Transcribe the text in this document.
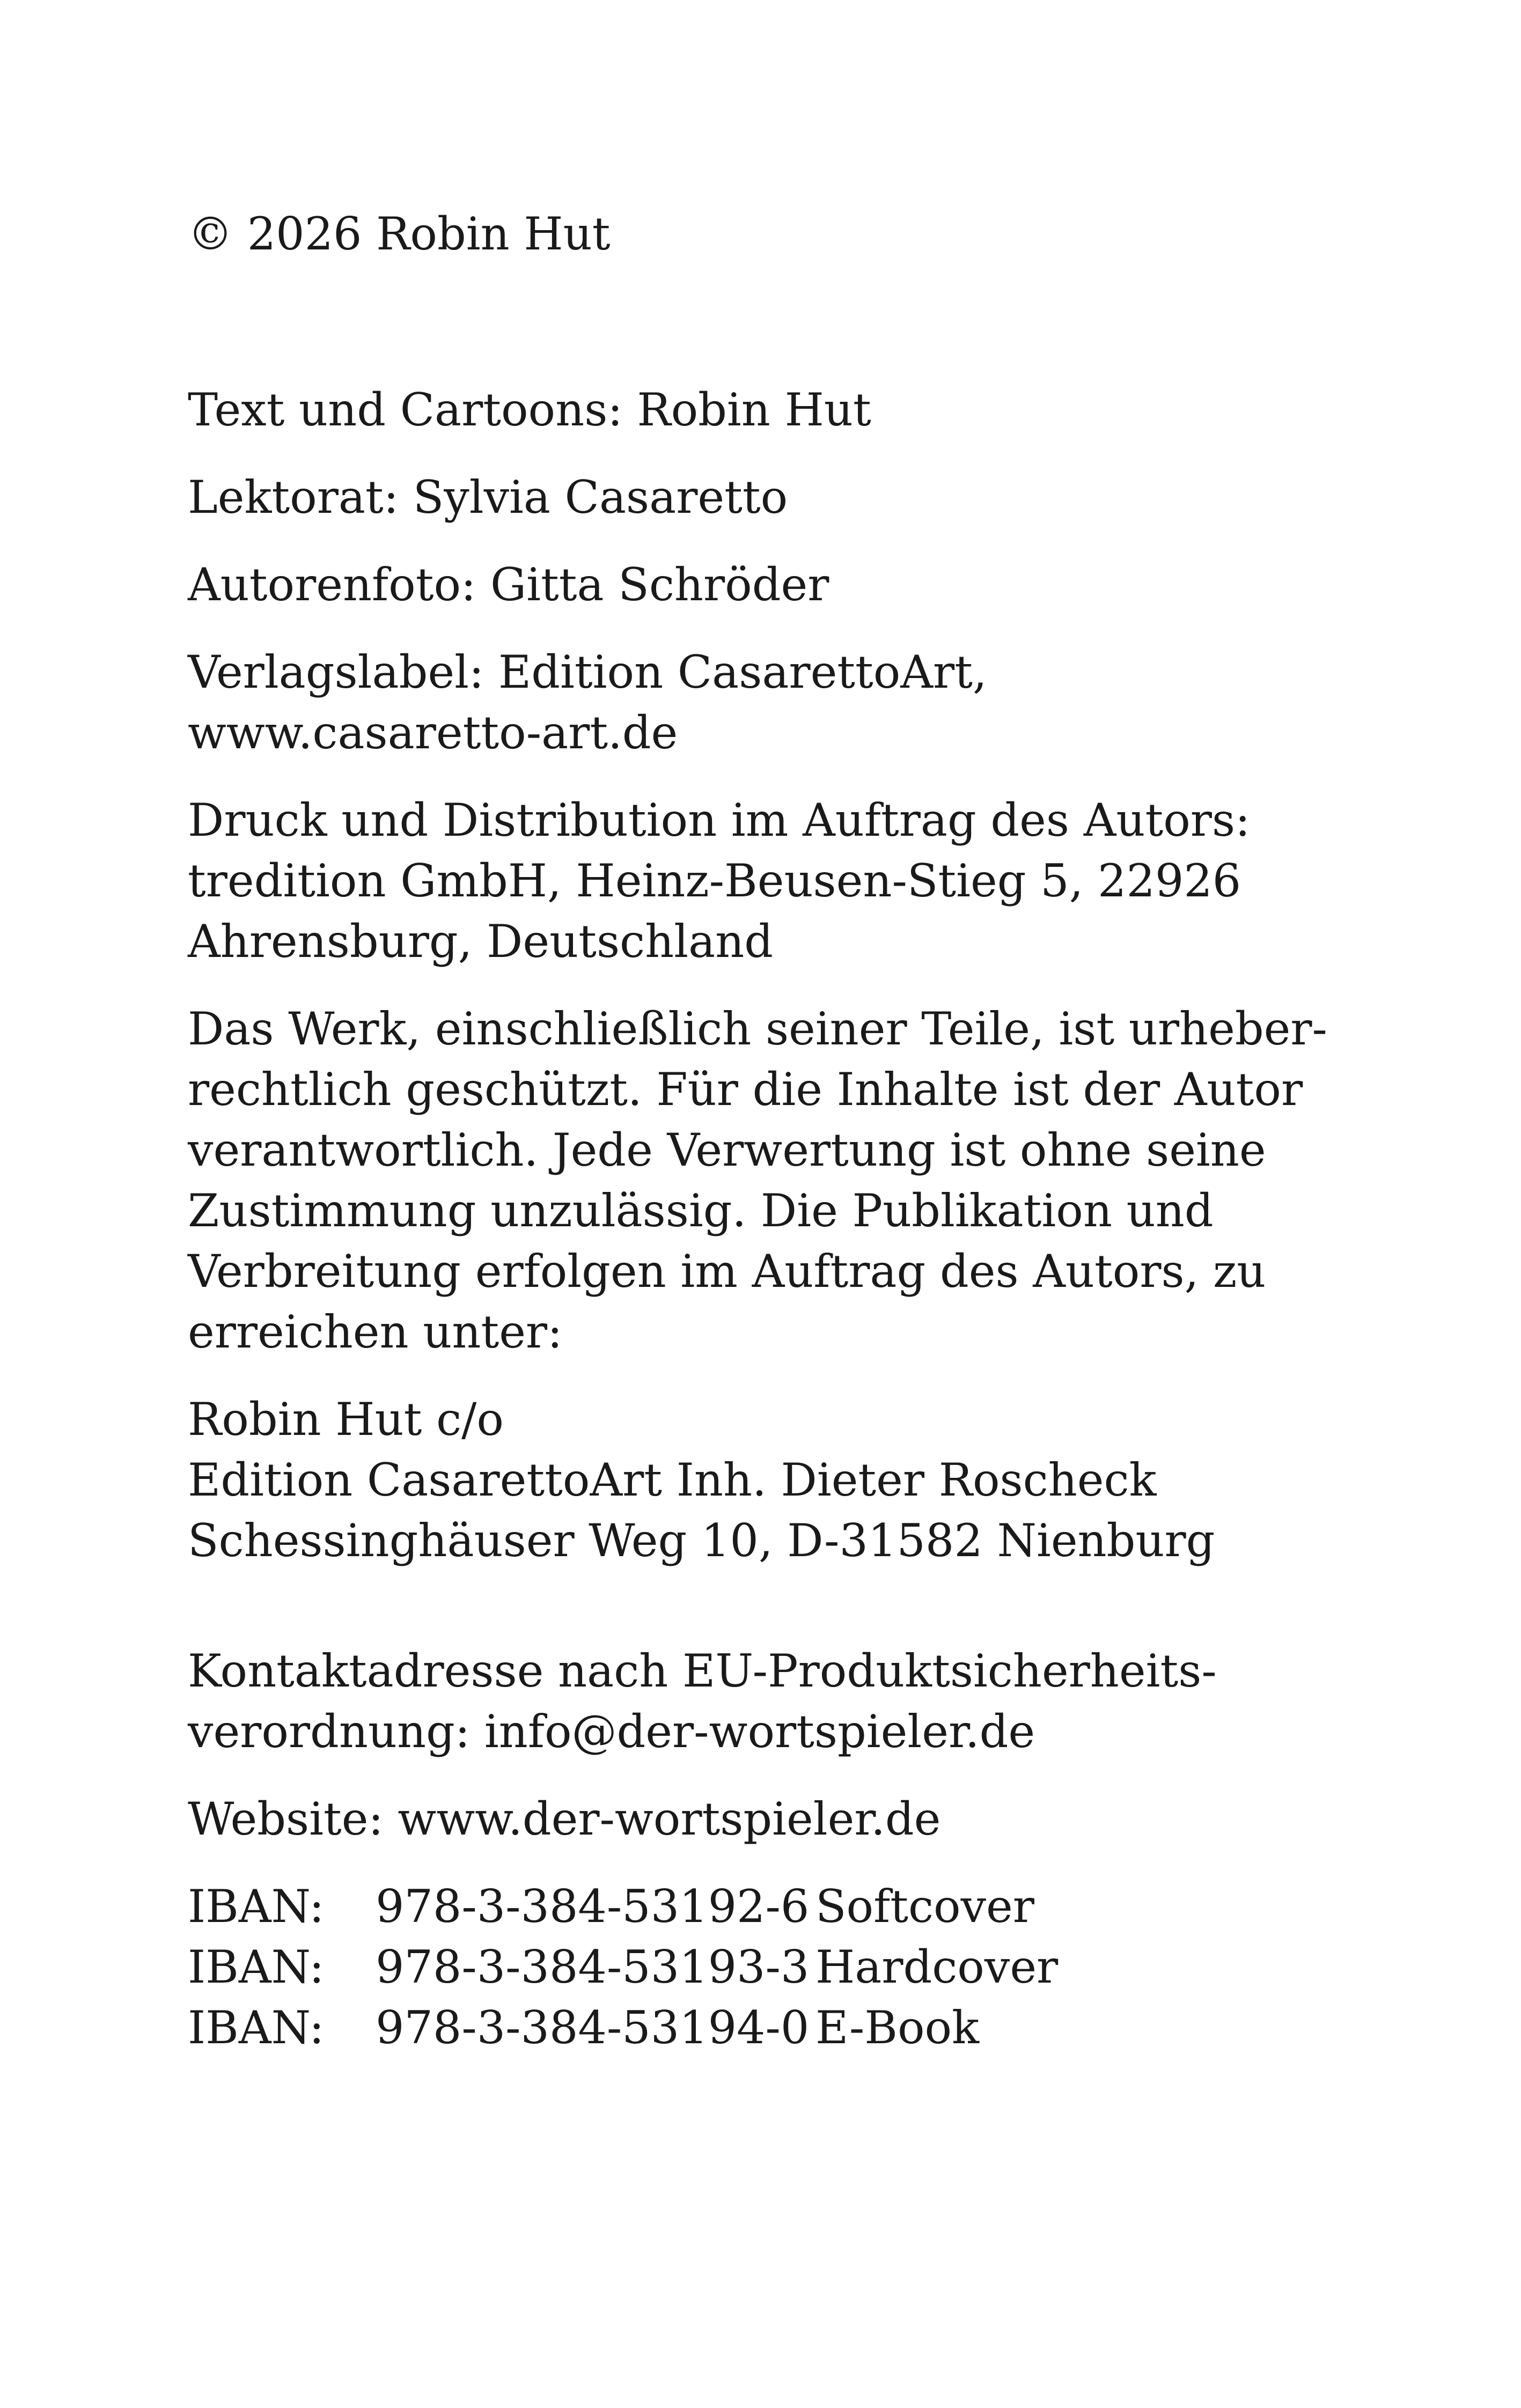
© 2026 Robin Hut

Text und Cartoons: Robin Hut

Lektorat: Sylvia Casaretto

Autorenfoto: Gitta Schröder

Verlagslabel: Edition CasarettoArt,

www.casaretto-art.de

Druck und Distribution im Auftrag des Autors:

tredition GmbH, Heinz-Beusen-Stieg 5, 22926

Ahrensburg, Deutschland

Das Werk, einschließlich seiner Teile, ist urheber-

rechtlich geschützt. Für die Inhalte ist der Autor

verantwortlich. Jede Verwertung ist ohne seine

Zustimmung unzulässig. Die Publikation und

Verbreitung erfolgen im Auftrag des Autors, zu

erreichen unter:

Robin Hut c/o

Edition CasarettoArt Inh. Dieter Roscheck

Schessinghäuser Weg 10, D-31582 Nienburg

Kontaktadresse nach EU-Produktsicherheits-

verordnung: info@der-wortspieler.de

Website: www.der-wortspieler.de

IBAN:	978-3-384-53192-6	Softcover
IBAN:	978-3-384-53193-3	Hardcover
IBAN:	978-3-384-53194-0	E-Book
